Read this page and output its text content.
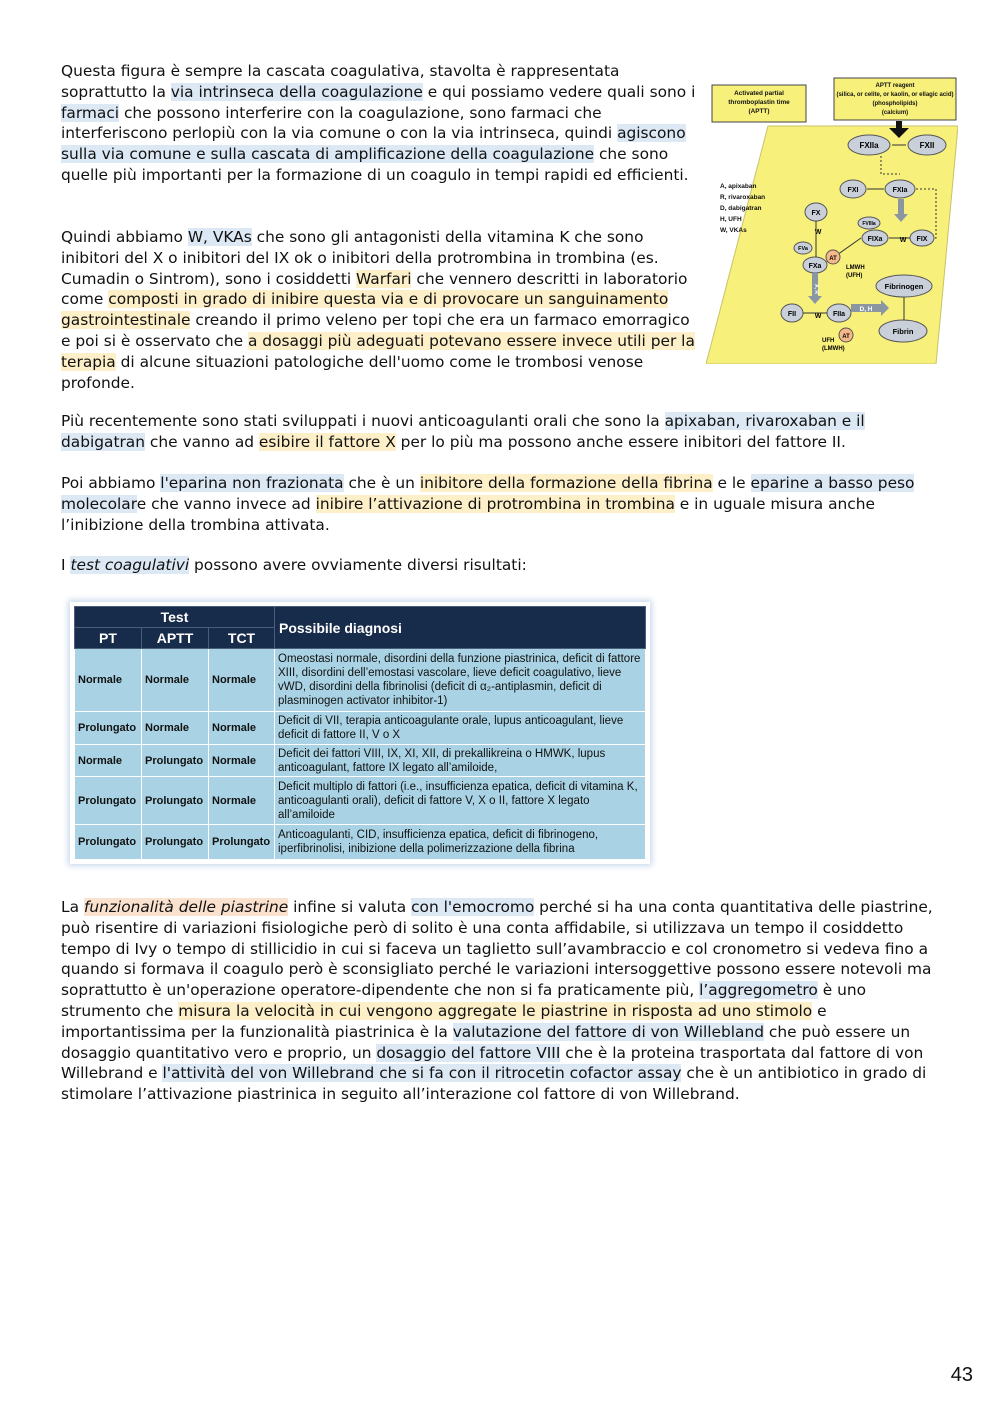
Questa figura è sempre la cascata coagulativa, stavolta è rappresentata soprattutto la via intrinseca della coagulazione e qui possiamo vedere quali sono i farmaci che possono interferire con la coagulazione, sono farmaci che interferiscono perlopiù con la via comune o con la via intrinseca, quindi agiscono sulla via comune e sulla cascata di amplificazione della coagulazione che sono quelle più importanti per la formazione di un coagulo in tempi rapidi ed efficienti.
Quindi abbiamo W, VKAs che sono gli antagonisti della vitamina K che sono inibitori del X o inibitori del IX ok o inibitori della protrombina in trombina (es. Cumadin o Sintrom), sono i cosiddetti Warfari che vennero descritti in laboratorio come composti in grado di inibire questa via e di provocare un sanguinamento gastrointestinale creando il primo veleno per topi che era un farmaco emorragico e poi si è osservato che a dosaggi più adeguati potevano essere invece utili per la terapia di alcune situazioni patologiche dell'uomo come le trombosi venose profonde.
Activated partial thromboplastin time (APTT)
APTT reagent (silica, or celite, or kaolin, or ellagic acid) (phospholipids) (calcium)
A, apixaban R, rivaroxaban D, dabigatran H, UFH W, VKAs
FXIIa	FXII
FXI	FXIa
FX
FVIIIa
FIXa	FIX
W
W
FVa
FXa
AT
LMWH (UFH)
A, R	Fibrinogen
FII	W FIIa
D, H
Fibrin
AT
UFH (LMWH)
Più recentemente sono stati sviluppati i nuovi anticoagulanti orali che sono la apixaban, rivaroxaban e il dabigatran che vanno ad esibire il fattore X per lo più ma possono anche essere inibitori del fattore II.
Poi abbiamo l'eparina non frazionata che è un inibitore della formazione della fibrina e le eparine a basso peso molecolare che vanno invece ad inibire l’attivazione di protrombina in trombina e in uguale misura anche l’inibizione della trombina attivata.
I test coagulativi possono avere ovviamente diversi risultati:
Test			Possibile diagnosi
PT	APTT	TCT	
Normale	Normale	Normale	Omeostasi normale, disordini della funzione piastrinica, deficit di fattore XIII, disordini dell’emostasi vascolare, lieve deficit coagulativo, lieve vWD, disordini della fibrinolisi (deficit di α₂-antiplasmin, deficit di plasminogen activator inhibitor-1)
Prolungato	Normale	Normale	Deficit di VII, terapia anticoagulante orale, lupus anticoagulant, lieve deficit di fattore II, V o X
Normale	Prolungato	Normale	Deficit dei fattori VIII, IX, XI, XII, di prekallikreina o HMWK, lupus anticoagulant, fattore IX legato all’amiloide,
Prolungato	Prolungato	Normale	Deficit multiplo di fattori (i.e., insufficienza epatica, deficit di vitamina K, anticoagulanti orali), deficit di fattore V, X o II, fattore X legato all’amiloide
Prolungato	Prolungato	Prolungato	Anticoagulanti, CID, insufficienza epatica, deficit di fibrinogeno, iperfibrinolisi, inibizione della polimerizzazione della fibrina
La funzionalità delle piastrine infine si valuta con l'emocromo perché si ha una conta quantitativa delle piastrine, può risentire di variazioni fisiologiche però di solito è una conta affidabile, si utilizzava un tempo il cosiddetto tempo di Ivy o tempo di stillicidio in cui si faceva un taglietto sull’avambraccio e col cronometro si vedeva fino a quando si formava il coagulo però è sconsigliato perché le variazioni intersoggettive possono essere notevoli ma soprattutto è un'operazione operatore-dipendente che non si fa praticamente più, l’aggregometro è uno strumento che misura la velocità in cui vengono aggregate le piastrine in risposta ad uno stimolo e importantissima per la funzionalità piastrinica è la valutazione del fattore di von Willebland che può essere un dosaggio quantitativo vero e proprio, un dosaggio del fattore VIII che è la proteina trasportata dal fattore di von Willebrand e l'attività del von Willebrand che si fa con il ritrocetin cofactor assay che è un antibiotico in grado di stimolare l’attivazione piastrinica in seguito all’interazione col fattore di von Willebrand.
43
